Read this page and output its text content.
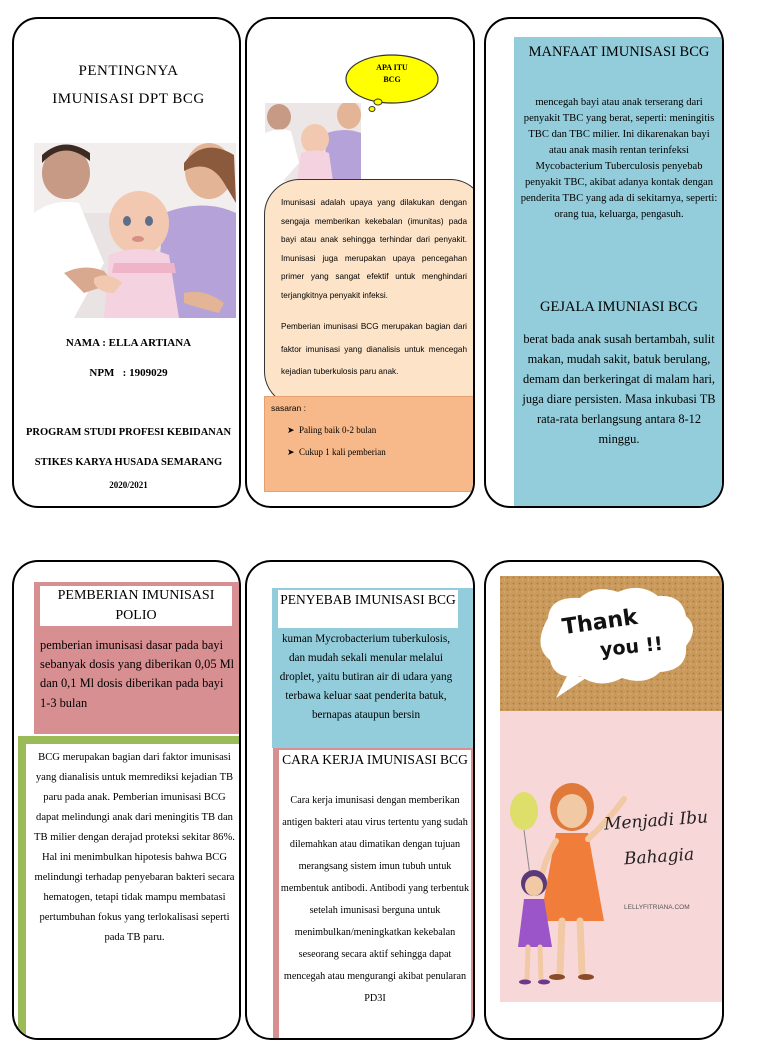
PENTINGNYA
IMUNISASI DPT BCG
NAMA : ELLA ARTIANA
NPM   : 1909029
PROGRAM STUDI PROFESI KEBIDANAN
STIKES KARYA HUSADA SEMARANG
2020/2021
APA ITU
BCG
Imunisasi adalah upaya yang dilakukan dengan sengaja memberikan kekebalan (imunitas) pada bayi atau anak sehingga terhindar dari penyakit. Imunisasi juga merupakan upaya pencegahan primer yang sangat efektif untuk menghindari terjangkitnya penyakit infeksi.
Pemberian imunisasi BCG merupakan bagian dari faktor imunisasi yang dianalisis untuk mencegah kejadian tuberkulosis paru anak.
sasaran :
➤  Paling baik 0-2 bulan
➤  Cukup 1 kali pemberian
MANFAAT IMUNISASI BCG
mencegah bayi atau anak terserang dari penyakit TBC yang berat, seperti: meningitis TBC dan TBC milier. Ini dikarenakan bayi atau anak masih rentan terinfeksi Mycobacterium Tuberculosis penyebab penyakit TBC, akibat adanya kontak dengan penderita TBC yang ada di sekitarnya, seperti: orang tua, keluarga, pengasuh.
GEJALA IMUNIASI BCG
berat bada anak susah bertambah, sulit makan, mudah sakit, batuk berulang, demam dan berkeringat di malam hari, juga diare persisten. Masa inkubasi TB rata-rata berlangsung antara 8-12 minggu.
PEMBERIAN IMUNISASI POLIO
pemberian imunisasi dasar pada bayi sebanyak dosis yang diberikan 0,05 Ml dan 0,1 Ml dosis diberikan pada bayi 1-3 bulan
BCG merupakan bagian dari faktor imunisasi yang dianalisis untuk memrediksi kejadian TB paru pada anak. Pemberian imunisasi BCG dapat melindungi anak dari meningitis TB dan TB milier dengan derajad proteksi sekitar 86%. Hal ini menimbulkan hipotesis bahwa BCG melindungi terhadap penyebaran bakteri secara hematogen, tetapi tidak mampu membatasi pertumbuhan fokus yang terlokalisasi seperti pada TB paru.
PENYEBAB IMUNISASI BCG
kuman Mycrobacterium tuberkulosis, dan mudah sekali menular melalui droplet, yaitu butiran air di udara yang terbawa keluar saat penderita batuk, bernapas ataupun bersin
CARA KERJA IMUNISASI BCG
Cara kerja imunisasi dengan memberikan antigen bakteri atau virus tertentu yang sudah dilemahkan atau dimatikan dengan tujuan merangsang sistem imun tubuh untuk membentuk antibodi. Antibodi yang terbentuk setelah imunisasi berguna untuk menimbulkan/meningkatkan kekebalan seseorang secara aktif sehingga dapat mencegah atau mengurangi akibat penularan PD3I
Thank
you !!
Menjadi Ibu
Bahagia
LELLYFITRIANA.COM
